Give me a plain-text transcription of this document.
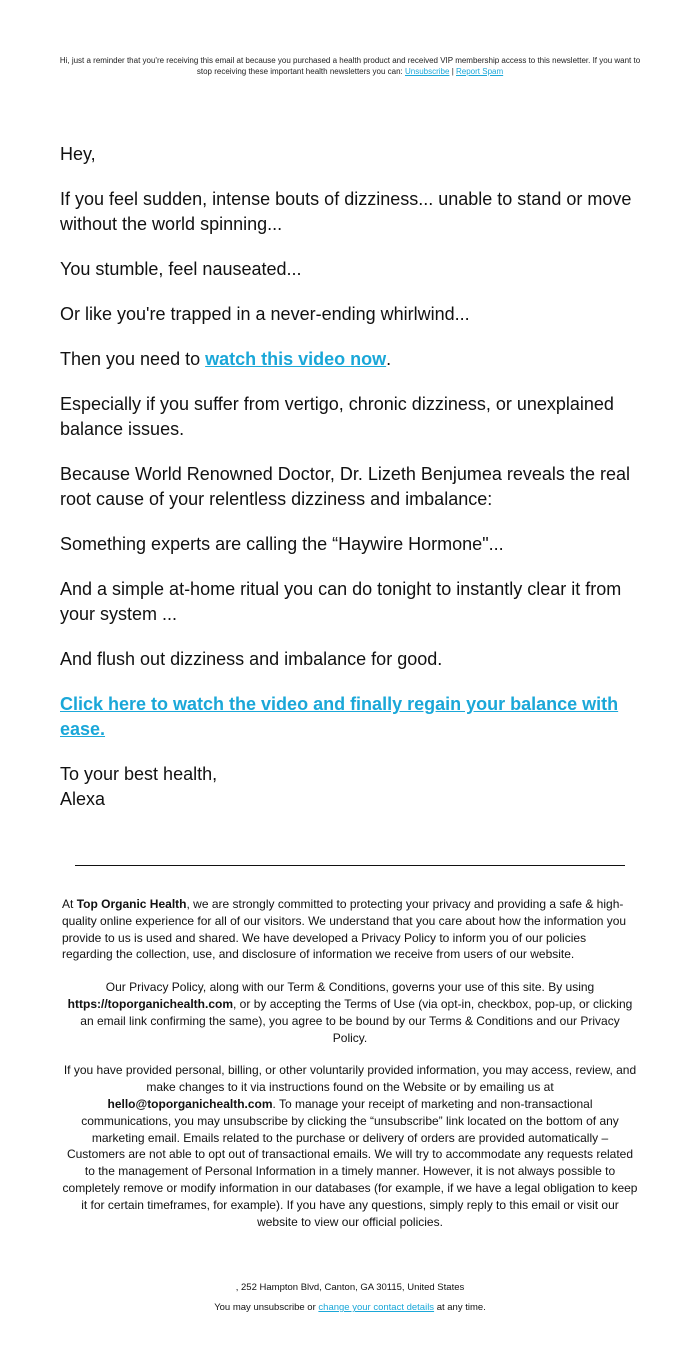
Hi, just a reminder that you're receiving this email at because you purchased a health product and received VIP membership access to this newsletter. If you want to stop receiving these important health newsletters you can: Unsubscribe | Report Spam

Hey,

If you feel sudden, intense bouts of dizziness... unable to stand or move without the world spinning...

You stumble, feel nauseated...

Or like you're trapped in a never-ending whirlwind...

Then you need to watch this video now.

Especially if you suffer from vertigo, chronic dizziness, or unexplained balance issues.

Because World Renowned Doctor, Dr. Lizeth Benjumea reveals the real root cause of your relentless dizziness and imbalance:

Something experts are calling the “Haywire Hormone"...

And a simple at-home ritual you can do tonight to instantly clear it from your system ...

And flush out dizziness and imbalance for good.

Click here to watch the video and finally regain your balance with ease.

To your best health,
Alexa

At Top Organic Health, we are strongly committed to protecting your privacy and providing a safe & high-quality online experience for all of our visitors. We understand that you care about how the information you provide to us is used and shared. We have developed a Privacy Policy to inform you of our policies regarding the collection, use, and disclosure of information we receive from users of our website.

Our Privacy Policy, along with our Term & Conditions, governs your use of this site. By using https://toporganichealth.com, or by accepting the Terms of Use (via opt-in, checkbox, pop-up, or clicking an email link confirming the same), you agree to be bound by our Terms & Conditions and our Privacy Policy.

If you have provided personal, billing, or other voluntarily provided information, you may access, review, and make changes to it via instructions found on the Website or by emailing us at hello@toporganichealth.com. To manage your receipt of marketing and non-transactional communications, you may unsubscribe by clicking the “unsubscribe” link located on the bottom of any marketing email. Emails related to the purchase or delivery of orders are provided automatically – Customers are not able to opt out of transactional emails. We will try to accommodate any requests related to the management of Personal Information in a timely manner. However, it is not always possible to completely remove or modify information in our databases (for example, if we have a legal obligation to keep it for certain timeframes, for example). If you have any questions, simply reply to this email or visit our website to view our official policies.

, 252 Hampton Blvd, Canton, GA 30115, United States
You may unsubscribe or change your contact details at any time.
